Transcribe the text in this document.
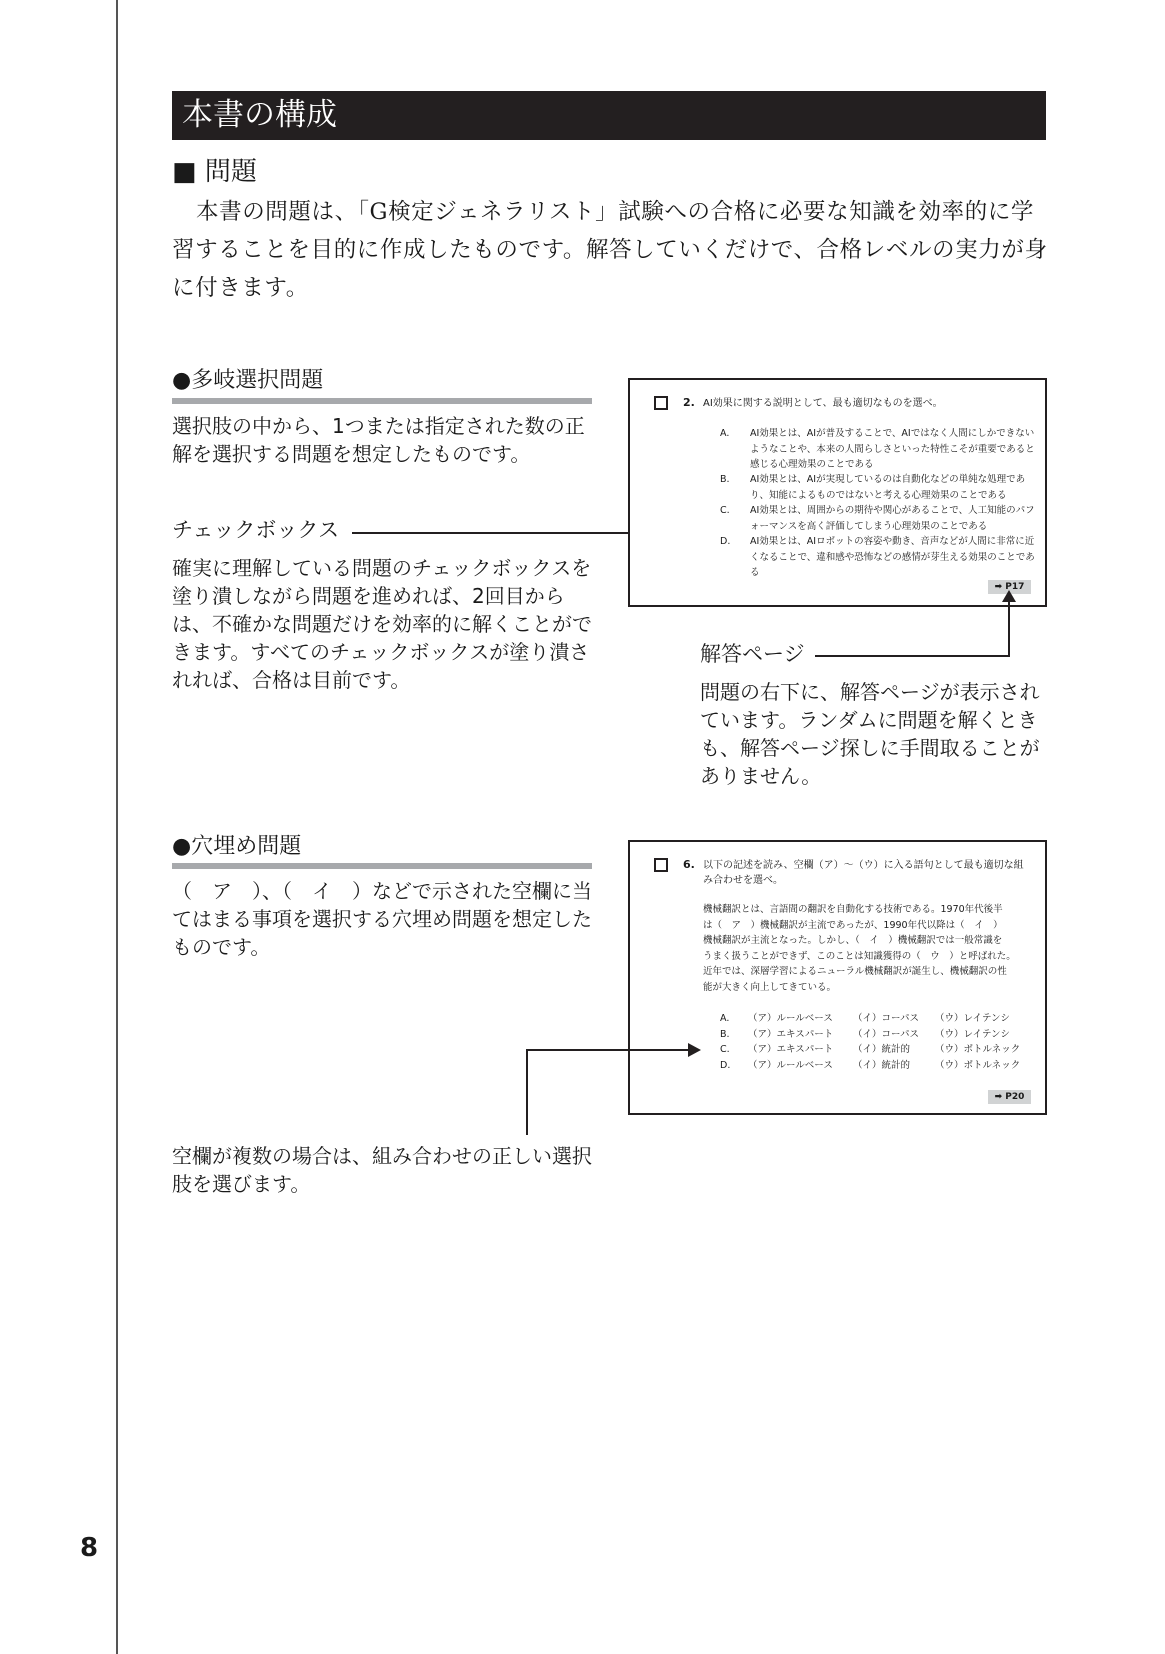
8
本書の構成
■ 問題
本書の問題は、「G検定ジェネラリスト」試験への合格に必要な知識を効率的に学習することを目的に作成したものです。解答していくだけで、合格レベルの実力が身に付きます。
●多岐選択問題
選択肢の中から、1つまたは指定された数の正解を選択する問題を想定したものです。
チェックボックス
確実に理解している問題のチェックボックスを塗り潰しながら問題を進めれば、2回目からは、不確かな問題だけを効率的に解くことができます。すべてのチェックボックスが塗り潰されれば、合格は目前です。
2. AI効果に関する説明として、最も適切なものを選べ。
A. AI効果とは、AIが普及することで、AIではなく人間にしかできないようなことや、本来の人間らしさといった特性こそが重要であると感じる心理効果のことである
B. AI効果とは、AIが実現しているのは自動化などの単純な処理であり、知能によるものではないと考える心理効果のことである
C. AI効果とは、周囲からの期待や関心があることで、人工知能のパフォーマンスを高く評価してしまう心理効果のことである
D. AI効果とは、AIロボットの容姿や動き、音声などが人間に非常に近くなることで、違和感や恐怖などの感情が芽生える効果のことである
➡ P17
解答ページ
問題の右下に、解答ページが表示されています。ランダムに問題を解くときも、解答ページ探しに手間取ることがありません。
●穴埋め問題
（　ア　）、（　イ　）などで示された空欄に当てはまる事項を選択する穴埋め問題を想定したものです。
6. 以下の記述を読み、空欄（ア）～（ウ）に入る語句として最も適切な組み合わせを選べ。
機械翻訳とは、言語間の翻訳を自動化する技術である。1970年代後半
は（　ア　）機械翻訳が主流であったが、1990年代以降は（　イ　）
機械翻訳が主流となった。しかし、（　イ　）機械翻訳では一般常識を
うまく扱うことができず、このことは知識獲得の（　ウ　）と呼ばれた。
近年では、深層学習によるニューラル機械翻訳が誕生し、機械翻訳の性
能が大きく向上してきている。
A. （ア）ルールベース （イ）コーパス （ウ）レイテンシ
B. （ア）エキスパート （イ）コーパス （ウ）レイテンシ
C. （ア）エキスパート （イ）統計的	（ウ）ボトルネック
D. （ア）ルールベース （イ）統計的	（ウ）ボトルネック
➡ P20
空欄が複数の場合は、組み合わせの正しい選択肢を選びます。
